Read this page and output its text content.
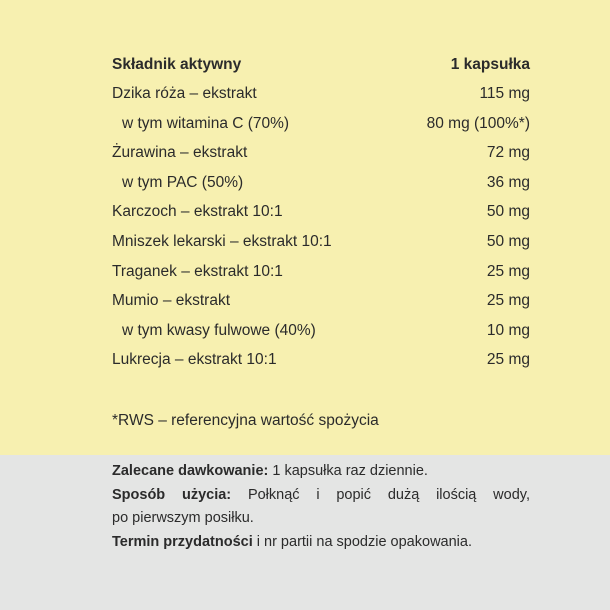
Składnik aktywny	1 kapsułka
Dzika róża – ekstrakt	115 mg
w tym witamina C (70%)	80 mg (100%*)
Żurawina – ekstrakt	72 mg
w tym PAC (50%)	36 mg
Karczoch – ekstrakt 10:1	50 mg
Mniszek lekarski – ekstrakt 10:1	50 mg
Traganek – ekstrakt 10:1	25 mg
Mumio – ekstrakt	25 mg
w tym kwasy fulwowe (40%)	10 mg
Lukrecja – ekstrakt 10:1	25 mg
*RWS – referencyjna wartość spożycia
Zalecane dawkowanie: 1 kapsułka raz dziennie.
Sposób użycia: Połknąć i popić dużą ilością wody,
po pierwszym posiłku.
Termin przydatności i nr partii na spodzie opakowania.
